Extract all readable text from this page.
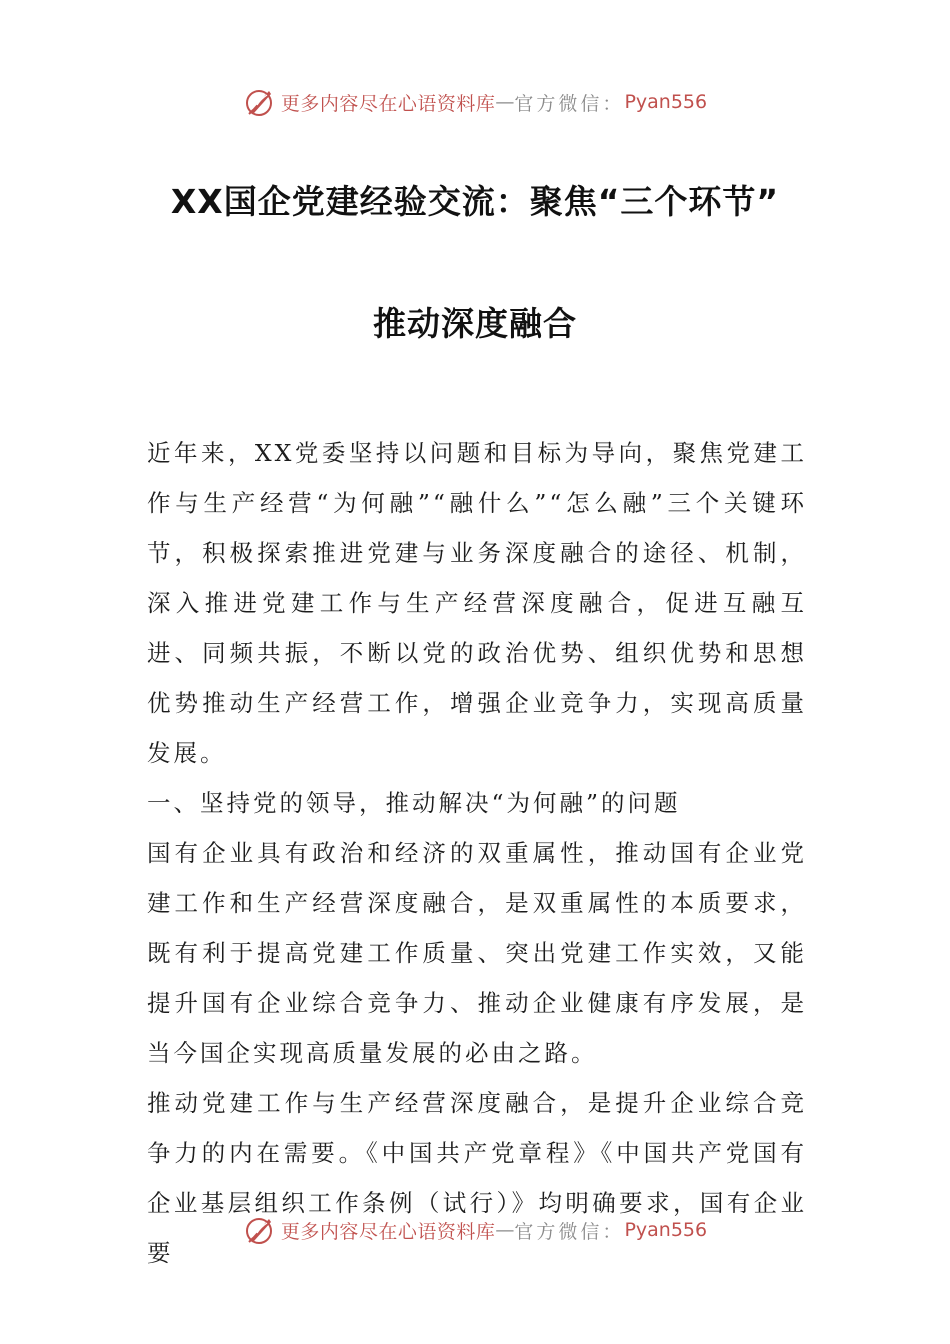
更多内容尽在心语资料库 — 官方微信： Pyan556
XX国企党建经验交流：聚焦“三个环节”
推动深度融合

近年来，XX党委坚持以问题和目标为导向，聚焦党建工作与生产经营“为何融”“融什么”“怎么融”三个关键环节，积极探索推进党建与业务深度融合的途径、机制，深入推进党建工作与生产经营深度融合，促进互融互进、同频共振，不断以党的政治优势、组织优势和思想优势推动生产经营工作，增强企业竞争力，实现高质量发展。

一、坚持党的领导，推动解决“为何融”的问题

国有企业具有政治和经济的双重属性，推动国有企业党建工作和生产经营深度融合，是双重属性的本质要求，既有利于提高党建工作质量、突出党建工作实效，又能提升国有企业综合竞争力、推动企业健康有序发展，是当今国企实现高质量发展的必由之路。

推动党建工作与生产经营深度融合，是提升企业综合竞争力的内在需要。《中国共产党章程》《中国共产党国有企业基层组织工作条例（试行）》均明确要求，国有企业要

更多内容尽在心语资料库 — 官方微信： Pyan556
